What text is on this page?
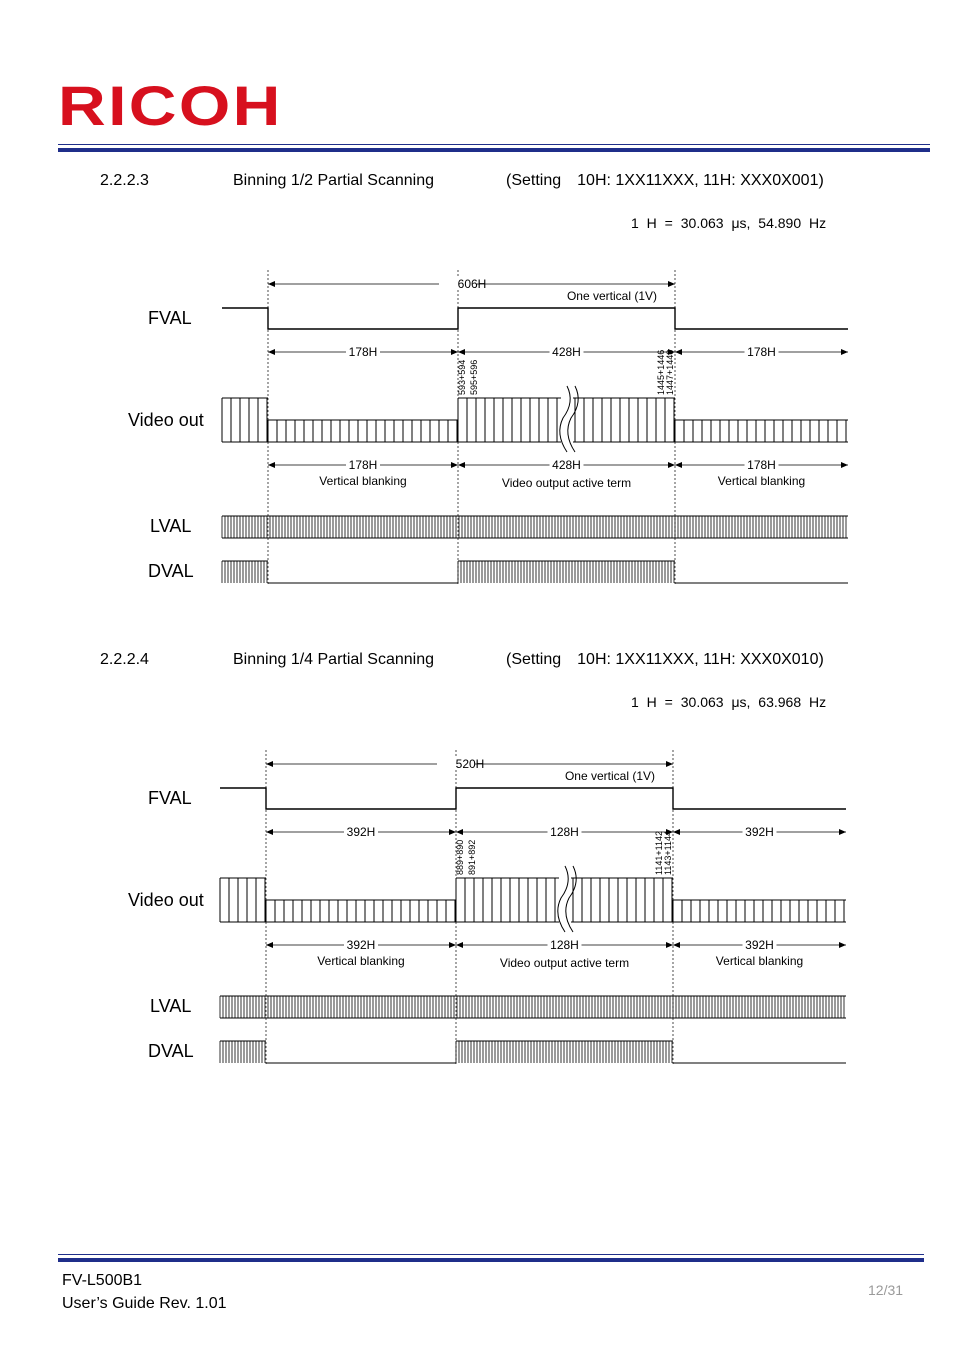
RICOH
2.2.2.3	Binning 1/2 Partial Scanning	(Setting　10H: 1XX11XXX, 11H: XXX0X001)
1 H = 30.063 μs, 54.890 Hz
606H
One vertical (1V)
FVAL
Video out
LVAL
DVAL
178H	428H	178H
593+594 595+596	1445+1446 1447+1448
178H	428H	178H
Vertical blanking	Video output active term	Vertical blanking
2.2.2.4	Binning 1/4 Partial Scanning	(Setting　10H: 1XX11XXX, 11H: XXX0X010)
1 H = 30.063 μs, 63.968 Hz
520H
One vertical (1V)
FVAL
Video out
LVAL
DVAL
392H	128H	392H
889+890 891+892	1141+1142 1143+1144
392H	128H	392H
Vertical blanking	Video output active term	Vertical blanking
FV-L500B1
User’s Guide Rev. 1.01
12/31
